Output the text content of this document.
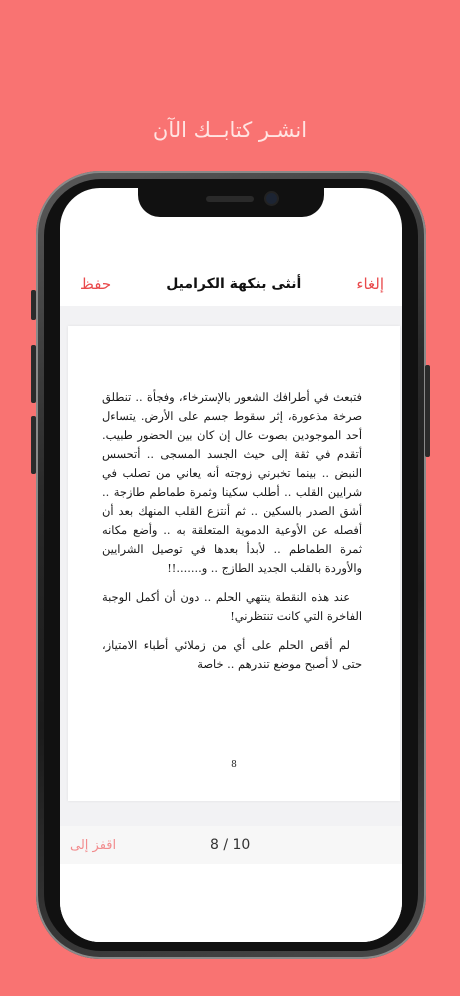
انشـر كتابــك الآن
حفظ	أنثى بنكهة الكراميل	إلغاء

فتبعث في أطرافك الشعور بالإسترخاء، وفجأة .. تنطلق صرخة مذعورة، إثر سقوط جسم على الأرض. يتساءل أحد الموجودين بصوت عال إن كان بين الحضور طبيب. أتقدم في ثقة إلى حيث الجسد المسجى .. أتحسس النبض .. بينما تخبرني زوجته أنه يعاني من تصلب في شرايين القلب .. أطلب سكينا وثمرة طماطم طازجة .. أشق الصدر بالسكين .. ثم أنتزع القلب المنهك بعد أن أفصله عن الأوعية الدموية المتعلقة به .. وأضع مكانه ثمرة الطماطم .. لأبدأ بعدها في توصيل الشرايين والأوردة بالقلب الجديد الطازج .. و.......!!

عند هذه النقطة ينتهي الحلم .. دون أن أكمل الوجبة الفاخرة التي كانت تنتظرني!

لم أقص الحلم على أي من زملائي أطباء الامتياز، حتى لا أصبح موضع تندرهم .. خاصة

8
اقفز إلى	8 / 10
